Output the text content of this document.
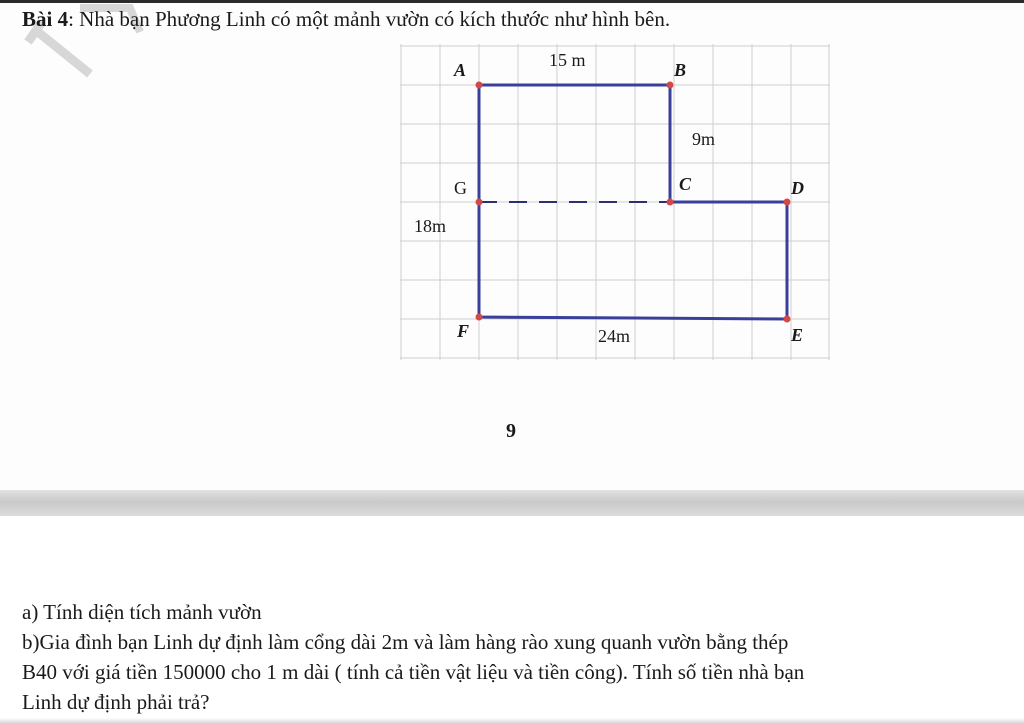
Bài 4: Nhà bạn Phương Linh có một mảnh vườn có kích thước như hình bên.
A	B
C	D
E
F
G
15 m
9m
18m
24m
9
a) Tính diện tích mảnh vườn
b)Gia đình bạn Linh dự định làm cổng dài 2m và làm hàng rào xung quanh vườn bằng thép
B40 với giá tiền 150000 cho 1 m dài ( tính cả tiền vật liệu và tiền công). Tính số tiền nhà bạn
Linh dự định phải trả?
